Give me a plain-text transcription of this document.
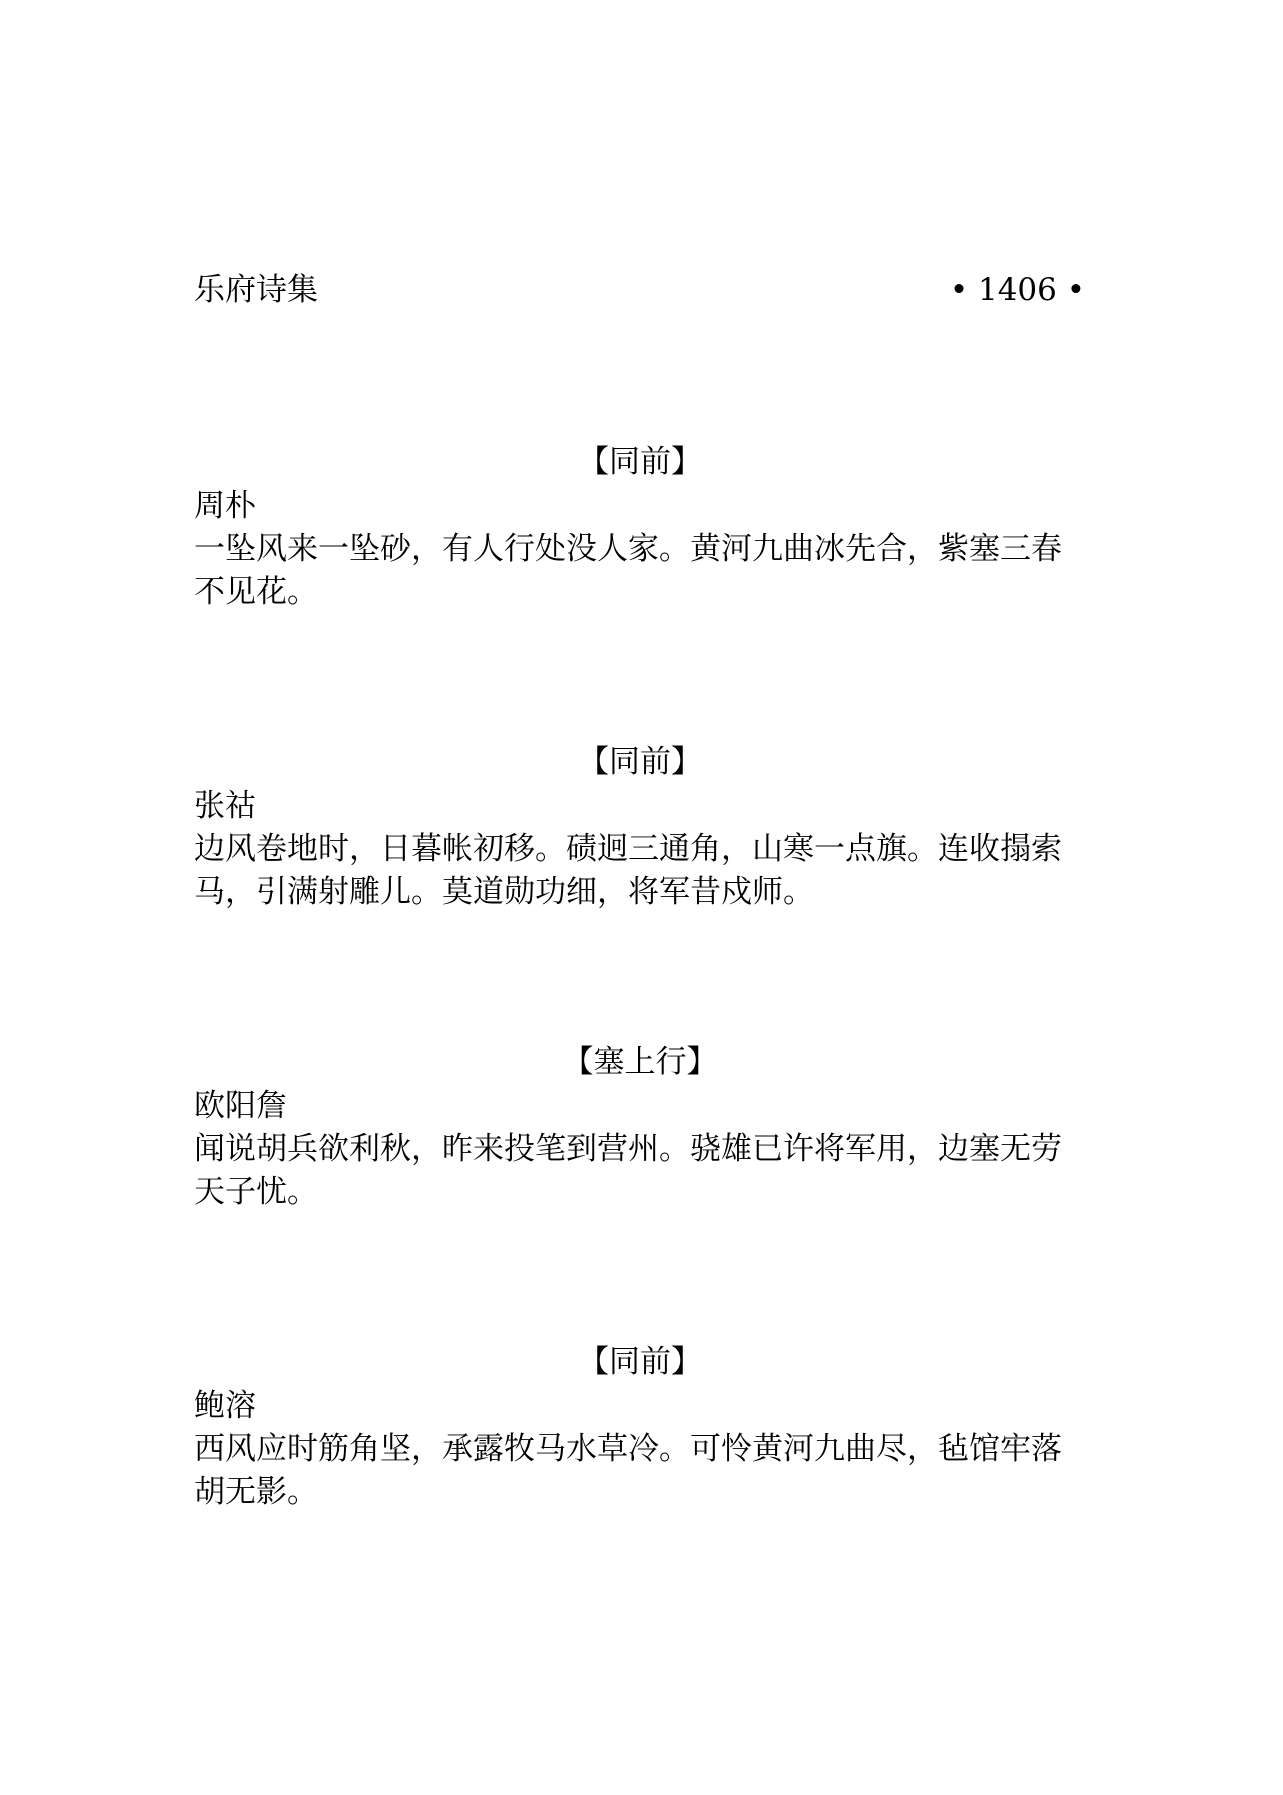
乐府诗集	• 1406 •
【同前】
周朴
一坠风来一坠砂，有人行处没人家。黄河九曲冰先合，紫塞三春不见花。
【同前】
张祜
边风卷地时，日暮帐初移。碛迥三通角，山寒一点旗。连收搨索马，引满射雕儿。莫道勋功细，将军昔戍师。
【塞上行】
欧阳詹
闻说胡兵欲利秋，昨来投笔到营州。骁雄已许将军用，边塞无劳天子忧。
【同前】
鲍溶
西风应时筋角坚，承露牧马水草冷。可怜黄河九曲尽，毡馆牢落胡无影。
